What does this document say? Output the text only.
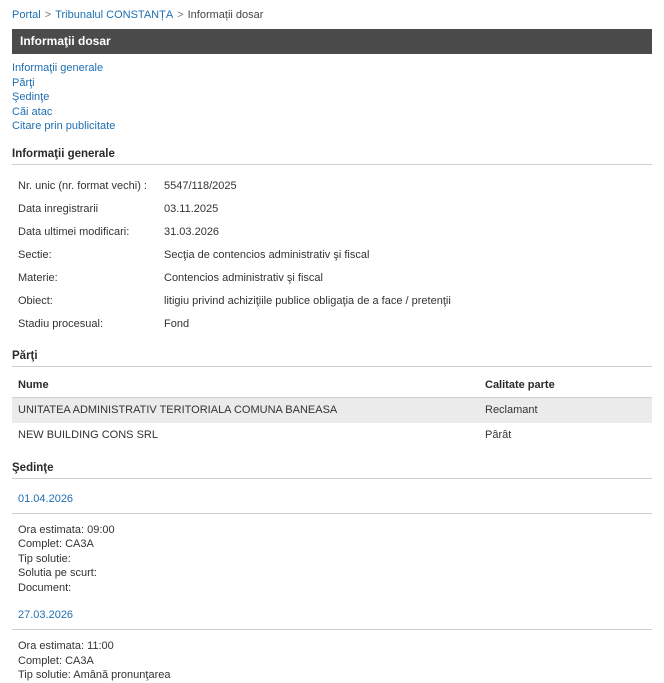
Portal > Tribunalul CONSTANȚA > Informații dosar
Informaţii dosar
Informaţii generale
Părţi
Şedinţe
Căi atac
Citare prin publicitate
Informaţii generale
Nr. unic (nr. format vechi) :	5547/118/2025
Data inregistrarii	03.11.2025
Data ultimei modificari:	31.03.2026
Sectie:	Secţia de contencios administrativ şi fiscal
Materie:	Contencios administrativ şi fiscal
Obiect:	litigiu privind achiziţiile publice obligaţia de a face / pretenţii
Stadiu procesual:	Fond
Părţi
Nume	Calitate parte
UNITATEA ADMINISTRATIV TERITORIALA COMUNA BANEASA	Reclamant
NEW BUILDING CONS SRL	Pârât
Şedinţe
01.04.2026
Ora estimata: 09:00
Complet: CA3A
Tip solutie:
Solutia pe scurt:
Document:
27.03.2026
Ora estimata: 11:00
Complet: CA3A
Tip solutie: Amână pronunţarea
